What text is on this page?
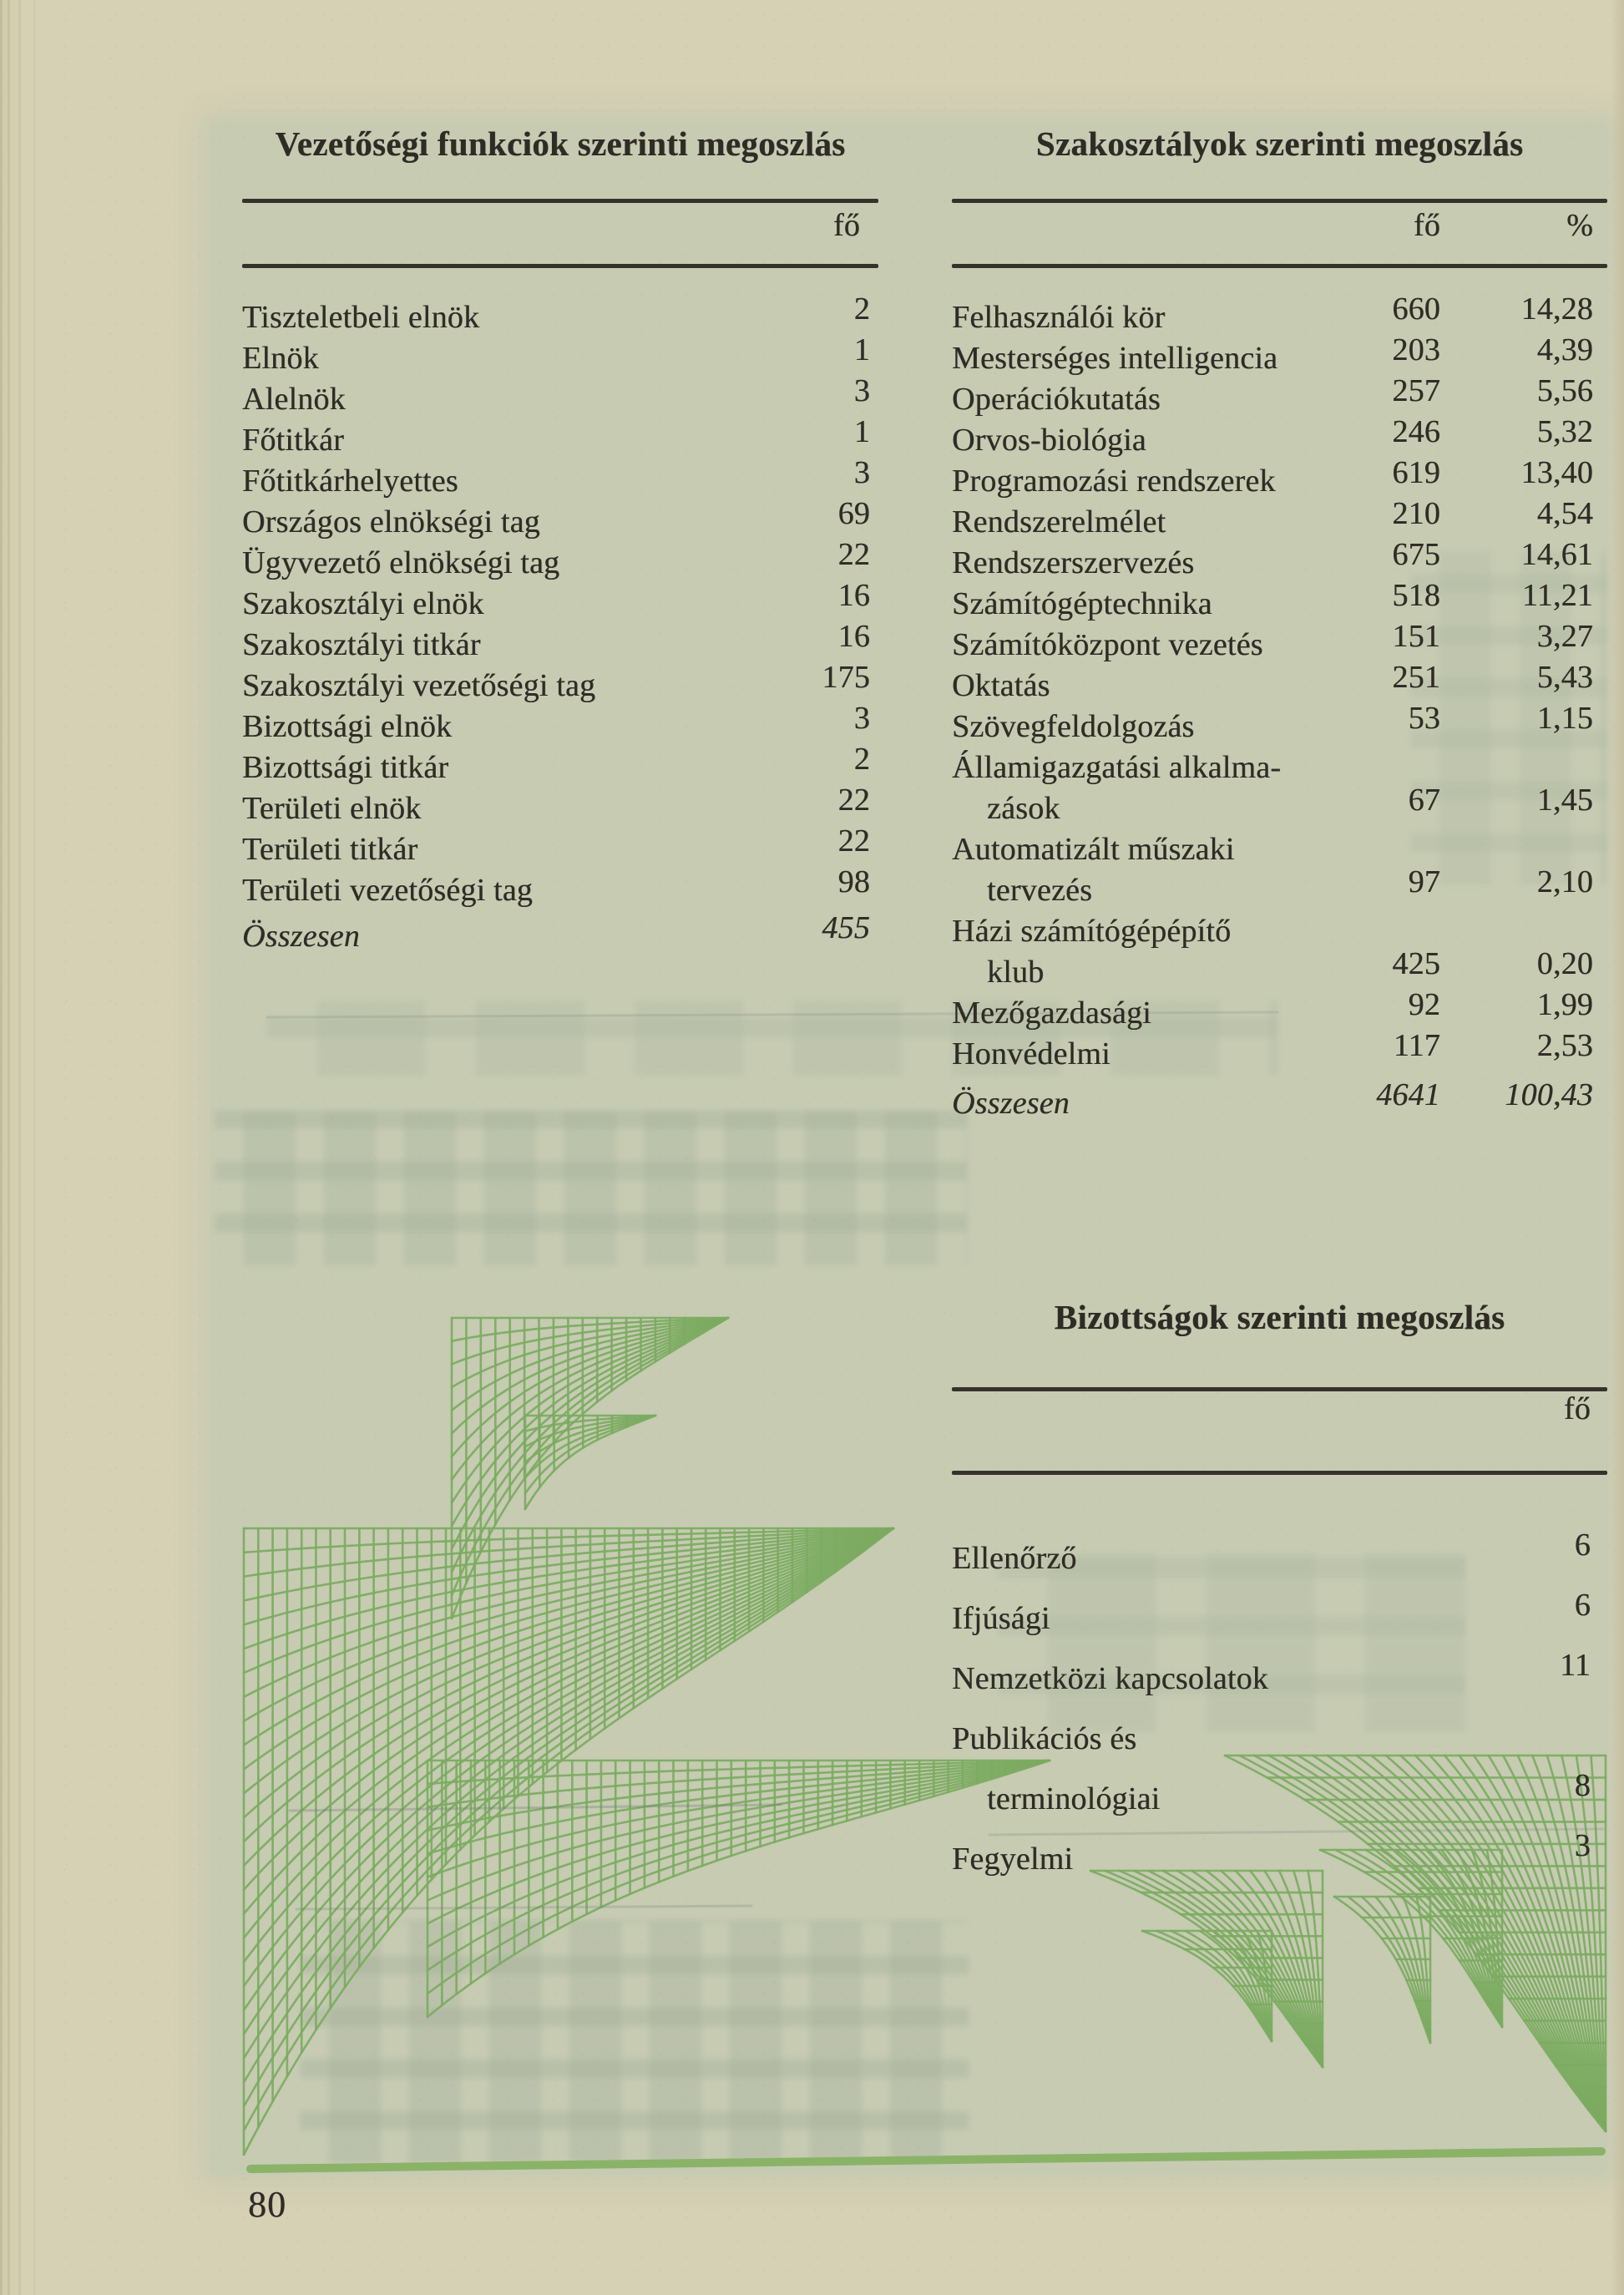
Vezetőségi funkciók szerinti megoszlás
fő
Tiszteletbeli elnök	2
Elnök	1
Alelnök	3
Főtitkár	1
Főtitkárhelyettes	3
Országos elnökségi tag	69
Ügyvezető elnökségi tag	22
Szakosztályi elnök	16
Szakosztályi titkár	16
Szakosztályi vezetőségi tag	175
Bizottsági elnök	3
Bizottsági titkár	2
Területi elnök	22
Területi titkár	22
Területi vezetőségi tag	98
Összesen	455
Szakosztályok szerinti megoszlás
fő	%
Felhasználói kör	660	14,28
Mesterséges intelligencia	203	4,39
Operációkutatás	257	5,56
Orvos-biológia	246	5,32
Programozási rendszerek	619	13,40
Rendszerelmélet	210	4,54
Rendszerszervezés	675	14,61
Számítógéptechnika	518	11,21
Számítóközpont vezetés	151	3,27
Oktatás	251	5,43
Szövegfeldolgozás	53	1,15
Államigazgatási alkalma-
zások	67	1,45
Automatizált műszaki
tervezés	97	2,10
Házi számítógépépítő
klub	425	0,20
Mezőgazdasági	92	1,99
Honvédelmi	117	2,53
Összesen	4641	100,43
Bizottságok szerinti megoszlás
fő
Ellenőrző	6
Ifjúsági	6
Nemzetközi kapcsolatok	11
Publikációs és
terminológiai	8
Fegyelmi	3
80
